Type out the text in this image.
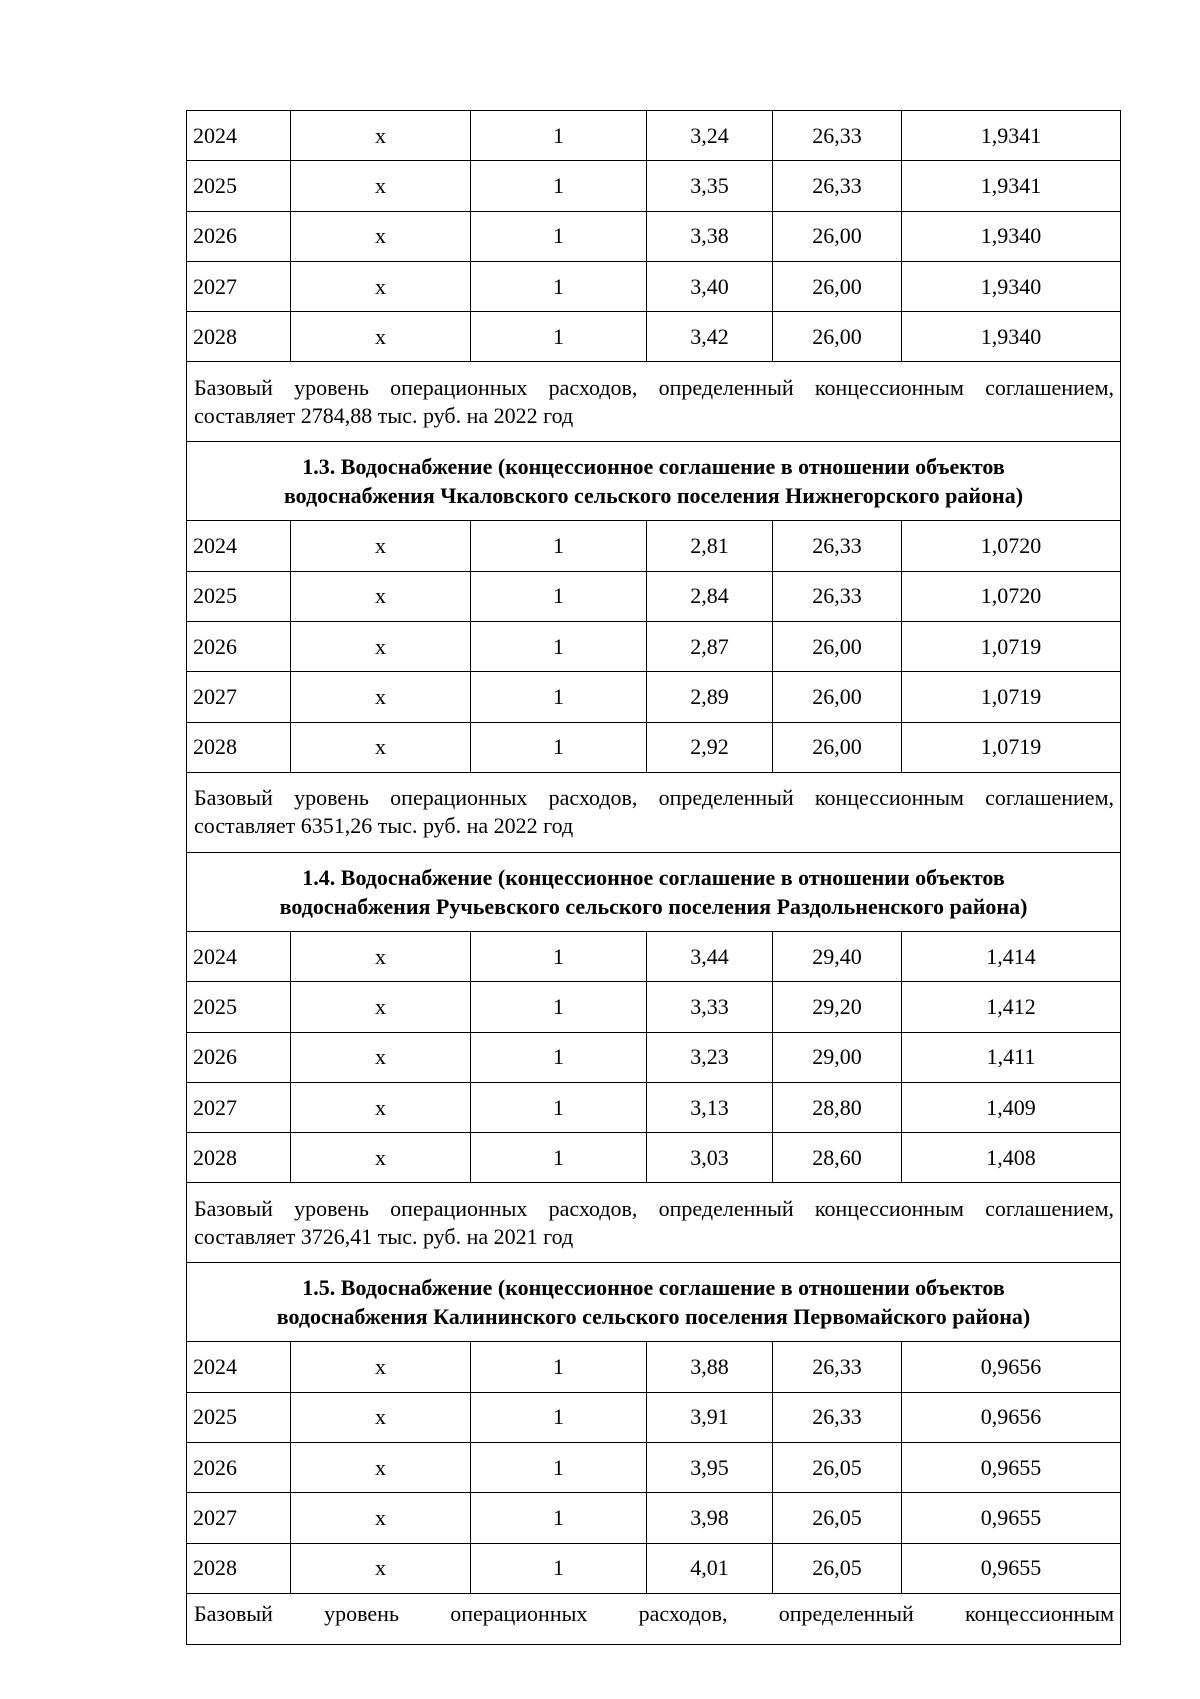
2024	х	1	3,24	26,33	1,9341
2025	х	1	3,35	26,33	1,9341
2026	х	1	3,38	26,00	1,9340
2027	х	1	3,40	26,00	1,9340
2028	х	1	3,42	26,00	1,9340
Базовый уровень операционных расходов, определенный концессионным соглашением, составляет 2784,88 тыс. руб. на 2022 год					

1.3. Водоснабжение (концессионное соглашение в отношении объектов
водоснабжения Чкаловского сельского поселения Нижнегорского района)					

2024	х	1	2,81	26,33	1,0720
2025	х	1	2,84	26,33	1,0720
2026	х	1	2,87	26,00	1,0719
2027	х	1	2,89	26,00	1,0719
2028	х	1	2,92	26,00	1,0719
Базовый уровень операционных расходов, определенный концессионным соглашением, составляет 6351,26 тыс. руб. на 2022 год					

1.4. Водоснабжение (концессионное соглашение в отношении объектов
водоснабжения Ручьевского сельского поселения Раздольненского района)					

2024	х	1	3,44	29,40	1,414
2025	х	1	3,33	29,20	1,412
2026	х	1	3,23	29,00	1,411
2027	х	1	3,13	28,80	1,409
2028	х	1	3,03	28,60	1,408
Базовый уровень операционных расходов, определенный концессионным соглашением, составляет 3726,41 тыс. руб. на 2021 год					

1.5. Водоснабжение (концессионное соглашение в отношении объектов
водоснабжения Калининского сельского поселения Первомайского района)					

2024	х	1	3,88	26,33	0,9656
2025	х	1	3,91	26,33	0,9656
2026	х	1	3,95	26,05	0,9655
2027	х	1	3,98	26,05	0,9655
2028	х	1	4,01	26,05	0,9655

Базовый уровень операционных расходов, определенный концессионным					
